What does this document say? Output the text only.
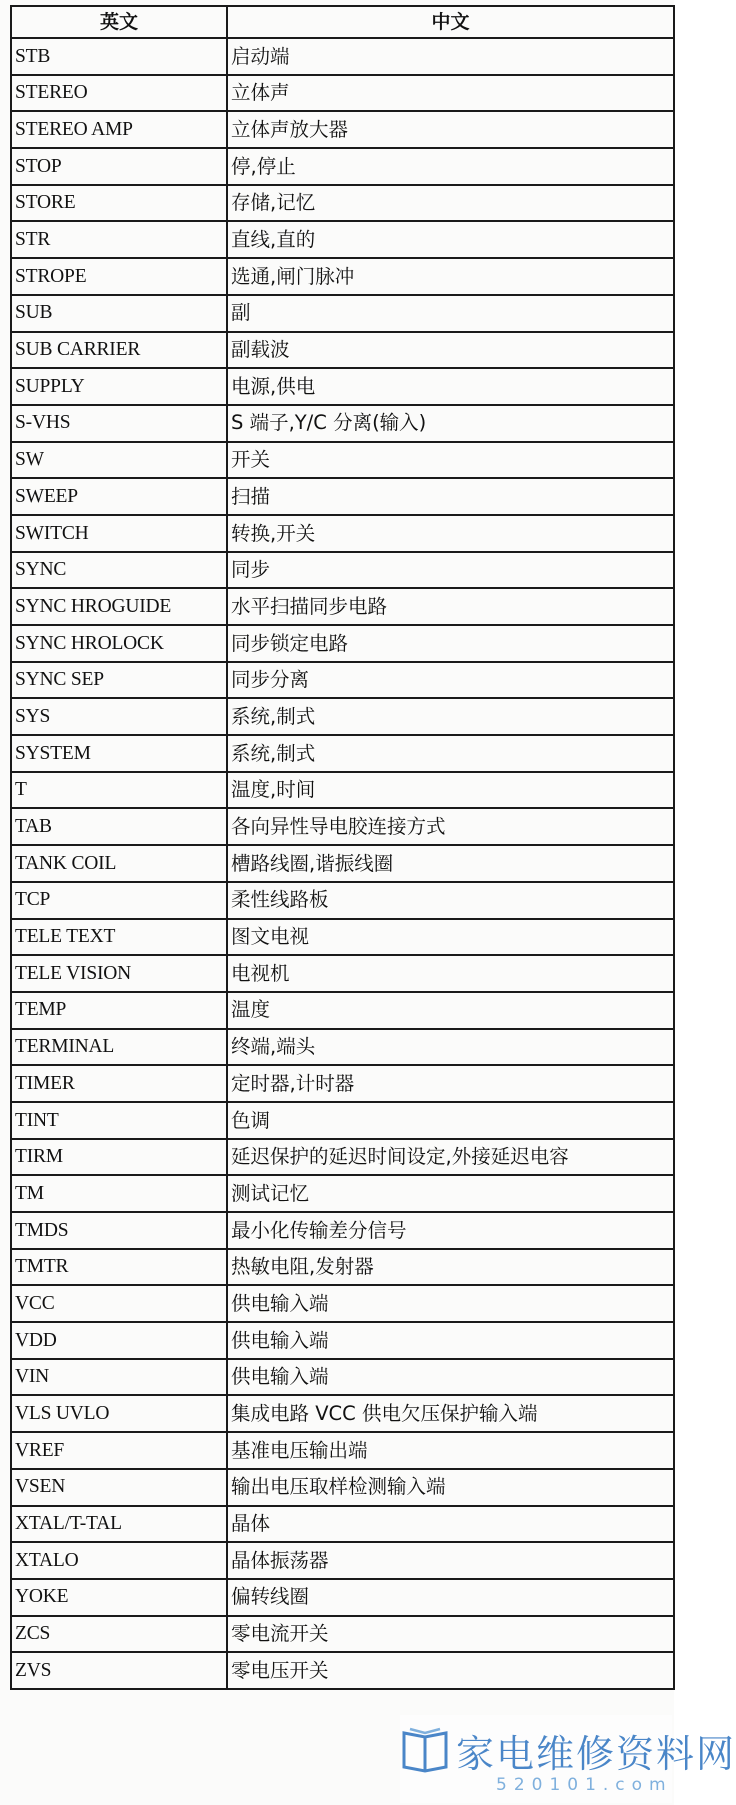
英文	中文
STB	启动端
STEREO	立体声
STEREO AMP	立体声放大器
STOP	停,停止
STORE	存储,记忆
STR	直线,直的
STROPE	选通,闸门脉冲
SUB	副
SUB CARRIER	副载波
SUPPLY	电源,供电
S-VHS	S 端子,Y/C 分离(输入)
SW	开关
SWEEP	扫描
SWITCH	转换,开关
SYNC	同步
SYNC HROGUIDE	水平扫描同步电路
SYNC HROLOCK	同步锁定电路
SYNC SEP	同步分离
SYS	系统,制式
SYSTEM	系统,制式
T	温度,时间
TAB	各向异性导电胶连接方式
TANK COIL	槽路线圈,谐振线圈
TCP	柔性线路板
TELE TEXT	图文电视
TELE VISION	电视机
TEMP	温度
TERMINAL	终端,端头
TIMER	定时器,计时器
TINT	色调
TIRM	延迟保护的延迟时间设定,外接延迟电容
TM	测试记忆
TMDS	最小化传输差分信号
TMTR	热敏电阻,发射器
VCC	供电输入端
VDD	供电输入端
VIN	供电输入端
VLS UVLO	集成电路 VCC 供电欠压保护输入端
VREF	基准电压输出端
VSEN	输出电压取样检测输入端
XTAL/T-TAL	晶体
XTALO	晶体振荡器
YOKE	偏转线圈
ZCS	零电流开关
ZVS	零电压开关
家电维修资料网
520101.com
